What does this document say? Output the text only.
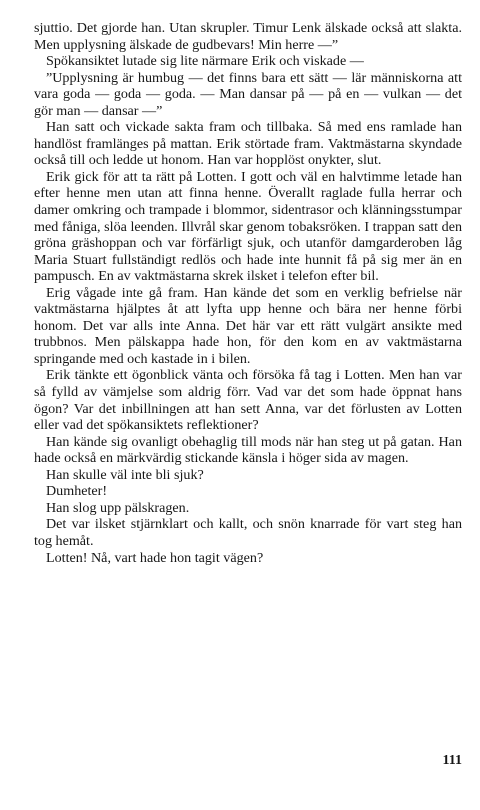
sjuttio. Det gjorde han. Utan skrupler. Timur Lenk älskade också att slakta. Men upplysning älskade de gudbevars! Min herre —”

Spökansiktet lutade sig lite närmare Erik och viskade —

”Upplysning är humbug — det finns bara ett sätt — lär människorna att vara goda — goda — goda. — Man dansar på — på en — vulkan — det gör man — dansar —”

Han satt och vickade sakta fram och tillbaka. Så med ens ramlade han handlöst framlänges på mattan. Erik störtade fram. Vaktmästarna skyndade också till och ledde ut honom. Han var hopplöst onykter, slut.

Erik gick för att ta rätt på Lotten. I gott och väl en halvtimme letade han efter henne men utan att finna henne. Överallt raglade fulla herrar och damer omkring och trampade i blommor, sidentrasor och klänningsstumpar med fåniga, slöa leenden. Illvrål skar genom tobaksröken. I trappan satt den gröna gräshoppan och var förfärligt sjuk, och utanför damgarderoben låg Maria Stuart fullständigt redlös och hade inte hunnit få på sig mer än en pampusch. En av vaktmästarna skrek ilsket i telefon efter bil.

Erig vågade inte gå fram. Han kände det som en verklig befrielse när vaktmästarna hjälptes åt att lyfta upp henne och bära ner henne förbi honom. Det var alls inte Anna. Det här var ett rätt vulgärt ansikte med trubbnos. Men pälskappa hade hon, för den kom en av vaktmästarna springande med och kastade in i bilen.

Erik tänkte ett ögonblick vänta och försöka få tag i Lotten. Men han var så fylld av vämjelse som aldrig förr. Vad var det som hade öppnat hans ögon? Var det inbillningen att han sett Anna, var det förlusten av Lotten eller vad det spökansiktets reflektioner?

Han kände sig ovanligt obehaglig till mods när han steg ut på gatan. Han hade också en märkvärdig stickande känsla i höger sida av magen.

Han skulle väl inte bli sjuk?

Dumheter!

Han slog upp pälskragen.

Det var ilsket stjärnklart och kallt, och snön knarrade för vart steg han tog hemåt.

Lotten! Nå, vart hade hon tagit vägen?

111
